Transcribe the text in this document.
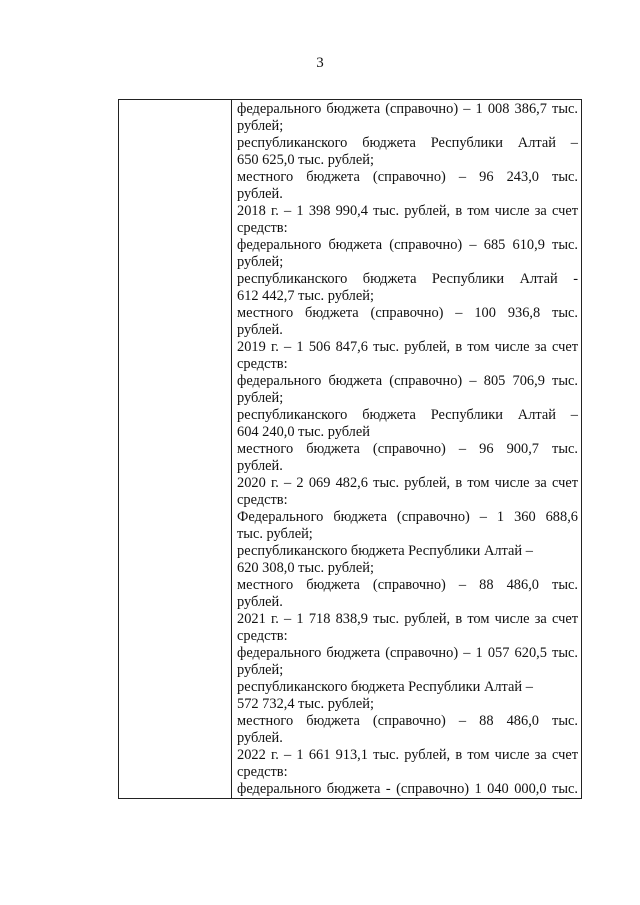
3

федерального бюджета (справочно) – 1 008 386,7 тыс.
рублей;
республиканского бюджета Республики Алтай –
650 625,0 тыс. рублей;
местного бюджета (справочно) – 96 243,0 тыс.
рублей.
2018 г. – 1 398 990,4 тыс. рублей, в том числе за счет
средств:
федерального бюджета (справочно) – 685 610,9 тыс.
рублей;
республиканского бюджета Республики Алтай -
612 442,7 тыс. рублей;
местного бюджета (справочно) – 100 936,8 тыс.
рублей.
2019 г. – 1 506 847,6 тыс. рублей, в том числе за счет
средств:
федерального бюджета (справочно) – 805 706,9 тыс.
рублей;
республиканского бюджета Республики Алтай –
604 240,0 тыс. рублей
местного бюджета (справочно) – 96 900,7 тыс.
рублей.
2020 г. – 2 069 482,6 тыс. рублей, в том числе за счет
средств:
Федерального бюджета (справочно) – 1 360 688,6
тыс. рублей;
республиканского бюджета Республики Алтай –
620 308,0 тыс. рублей;
местного бюджета (справочно) – 88 486,0 тыс.
рублей.
2021 г. – 1 718 838,9 тыс. рублей, в том числе за счет
средств:
федерального бюджета (справочно) – 1 057 620,5 тыс.
рублей;
республиканского бюджета Республики Алтай –
572 732,4 тыс. рублей;
местного бюджета (справочно) – 88 486,0 тыс.
рублей.
2022 г. – 1 661 913,1 тыс. рублей, в том числе за счет
средств:
федерального бюджета - (справочно) 1 040 000,0 тыс.
